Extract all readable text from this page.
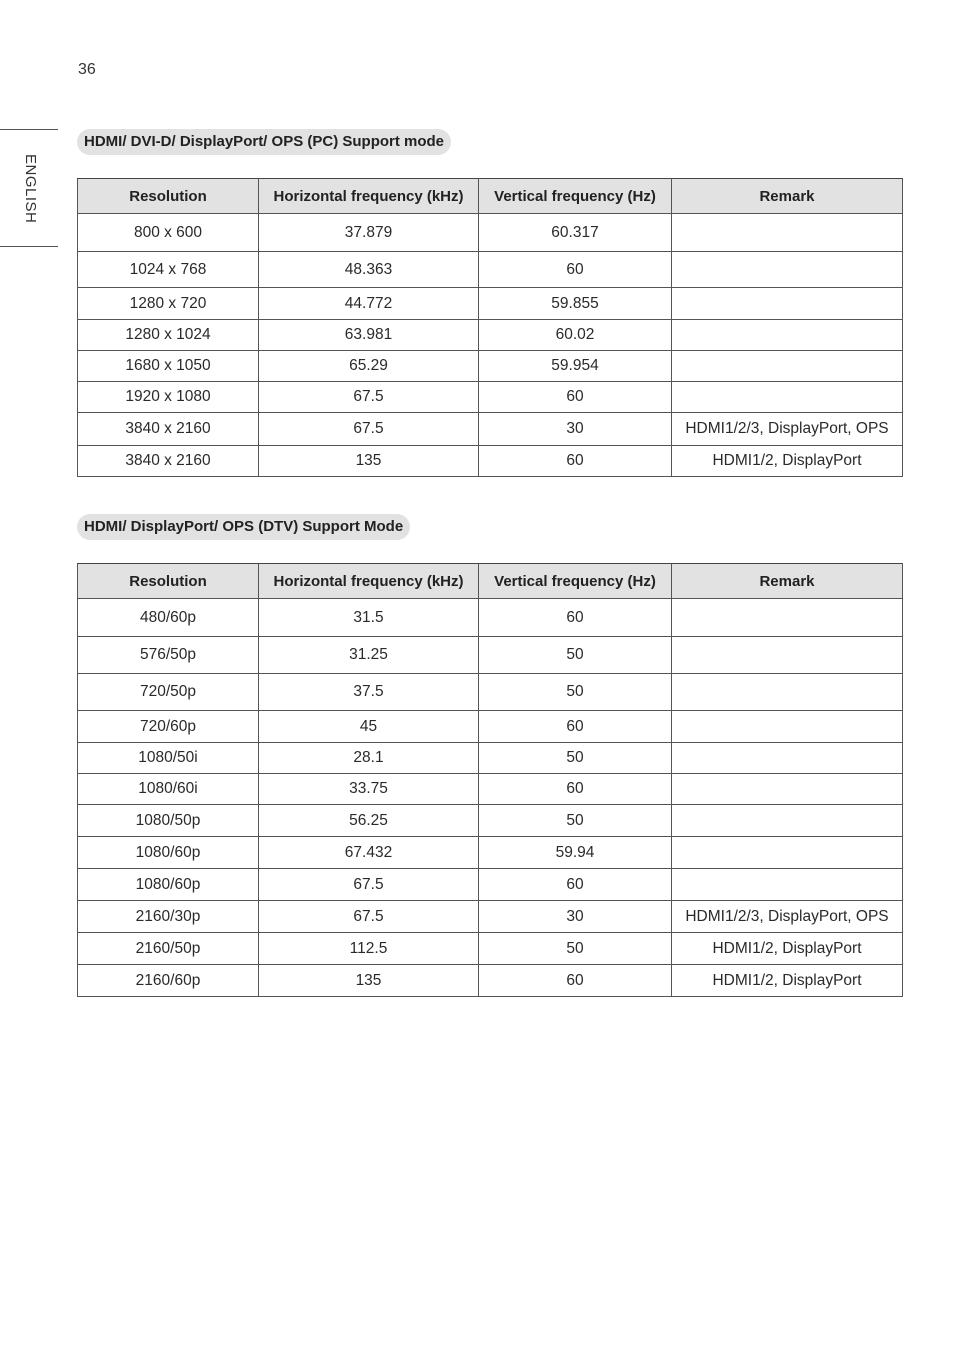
36
ENGLISH
HDMI/ DVI-D/ DisplayPort/ OPS (PC) Support mode
Resolution	Horizontal frequency (kHz)	Vertical frequency (Hz)	Remark
800 x 600	37.879	60.317	
1024 x 768	48.363	60	
1280 x 720	44.772	59.855	
1280 x 1024	63.981	60.02	
1680 x 1050	65.29	59.954	
1920 x 1080	67.5	60	
3840 x 2160	67.5	30	HDMI1/2/3, DisplayPort, OPS
3840 x 2160	135	60	HDMI1/2, DisplayPort
HDMI/ DisplayPort/ OPS (DTV) Support Mode
Resolution	Horizontal frequency (kHz)	Vertical frequency (Hz)	Remark
480/60p	31.5	60	
576/50p	31.25	50	
720/50p	37.5	50	
720/60p	45	60	
1080/50i	28.1	50	
1080/60i	33.75	60	
1080/50p	56.25	50	
1080/60p	67.432	59.94	
1080/60p	67.5	60	
2160/30p	67.5	30	HDMI1/2/3, DisplayPort, OPS
2160/50p	112.5	50	HDMI1/2, DisplayPort
2160/60p	135	60	HDMI1/2, DisplayPort
